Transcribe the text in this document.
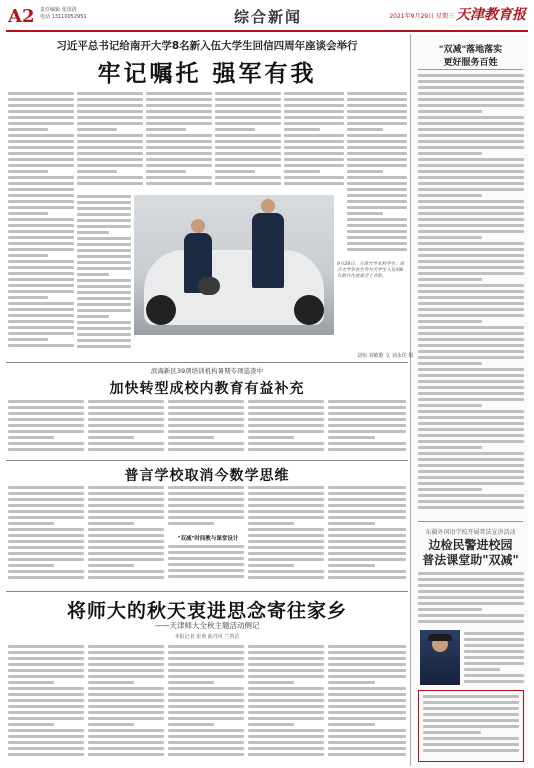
A2 责任编辑 张国清
电话 13110052951	综合新闻	2021年9月29日 星期三 天津教育报
习近平总书记给南开大学8名新入伍大学生回信四周年座谈会举行
牢记嘱托 强军有我
9月28日，天津大学本科学生、南开大学毕业生等与大学生入伍的8名新兵在座谈会上合影。
刘恒 刘敏歌 文 刘永佳 摄
滨海新区39项培训机构暑期专项巡查中
加快转型成校内教育有益补充
普言学校取消今数学思维
"双减"时间教与课堂设计
将师大的秋天衷进思念寄往家乡
——天津师大全秋主题活动侧记
本报记者 张黄 曲丹风 兰鲁洁
"双减"落地落实
更好服务百姓
东疆外国语学校开展普法宣讲活动
边检民警进校园
普法课堂助"双减"
